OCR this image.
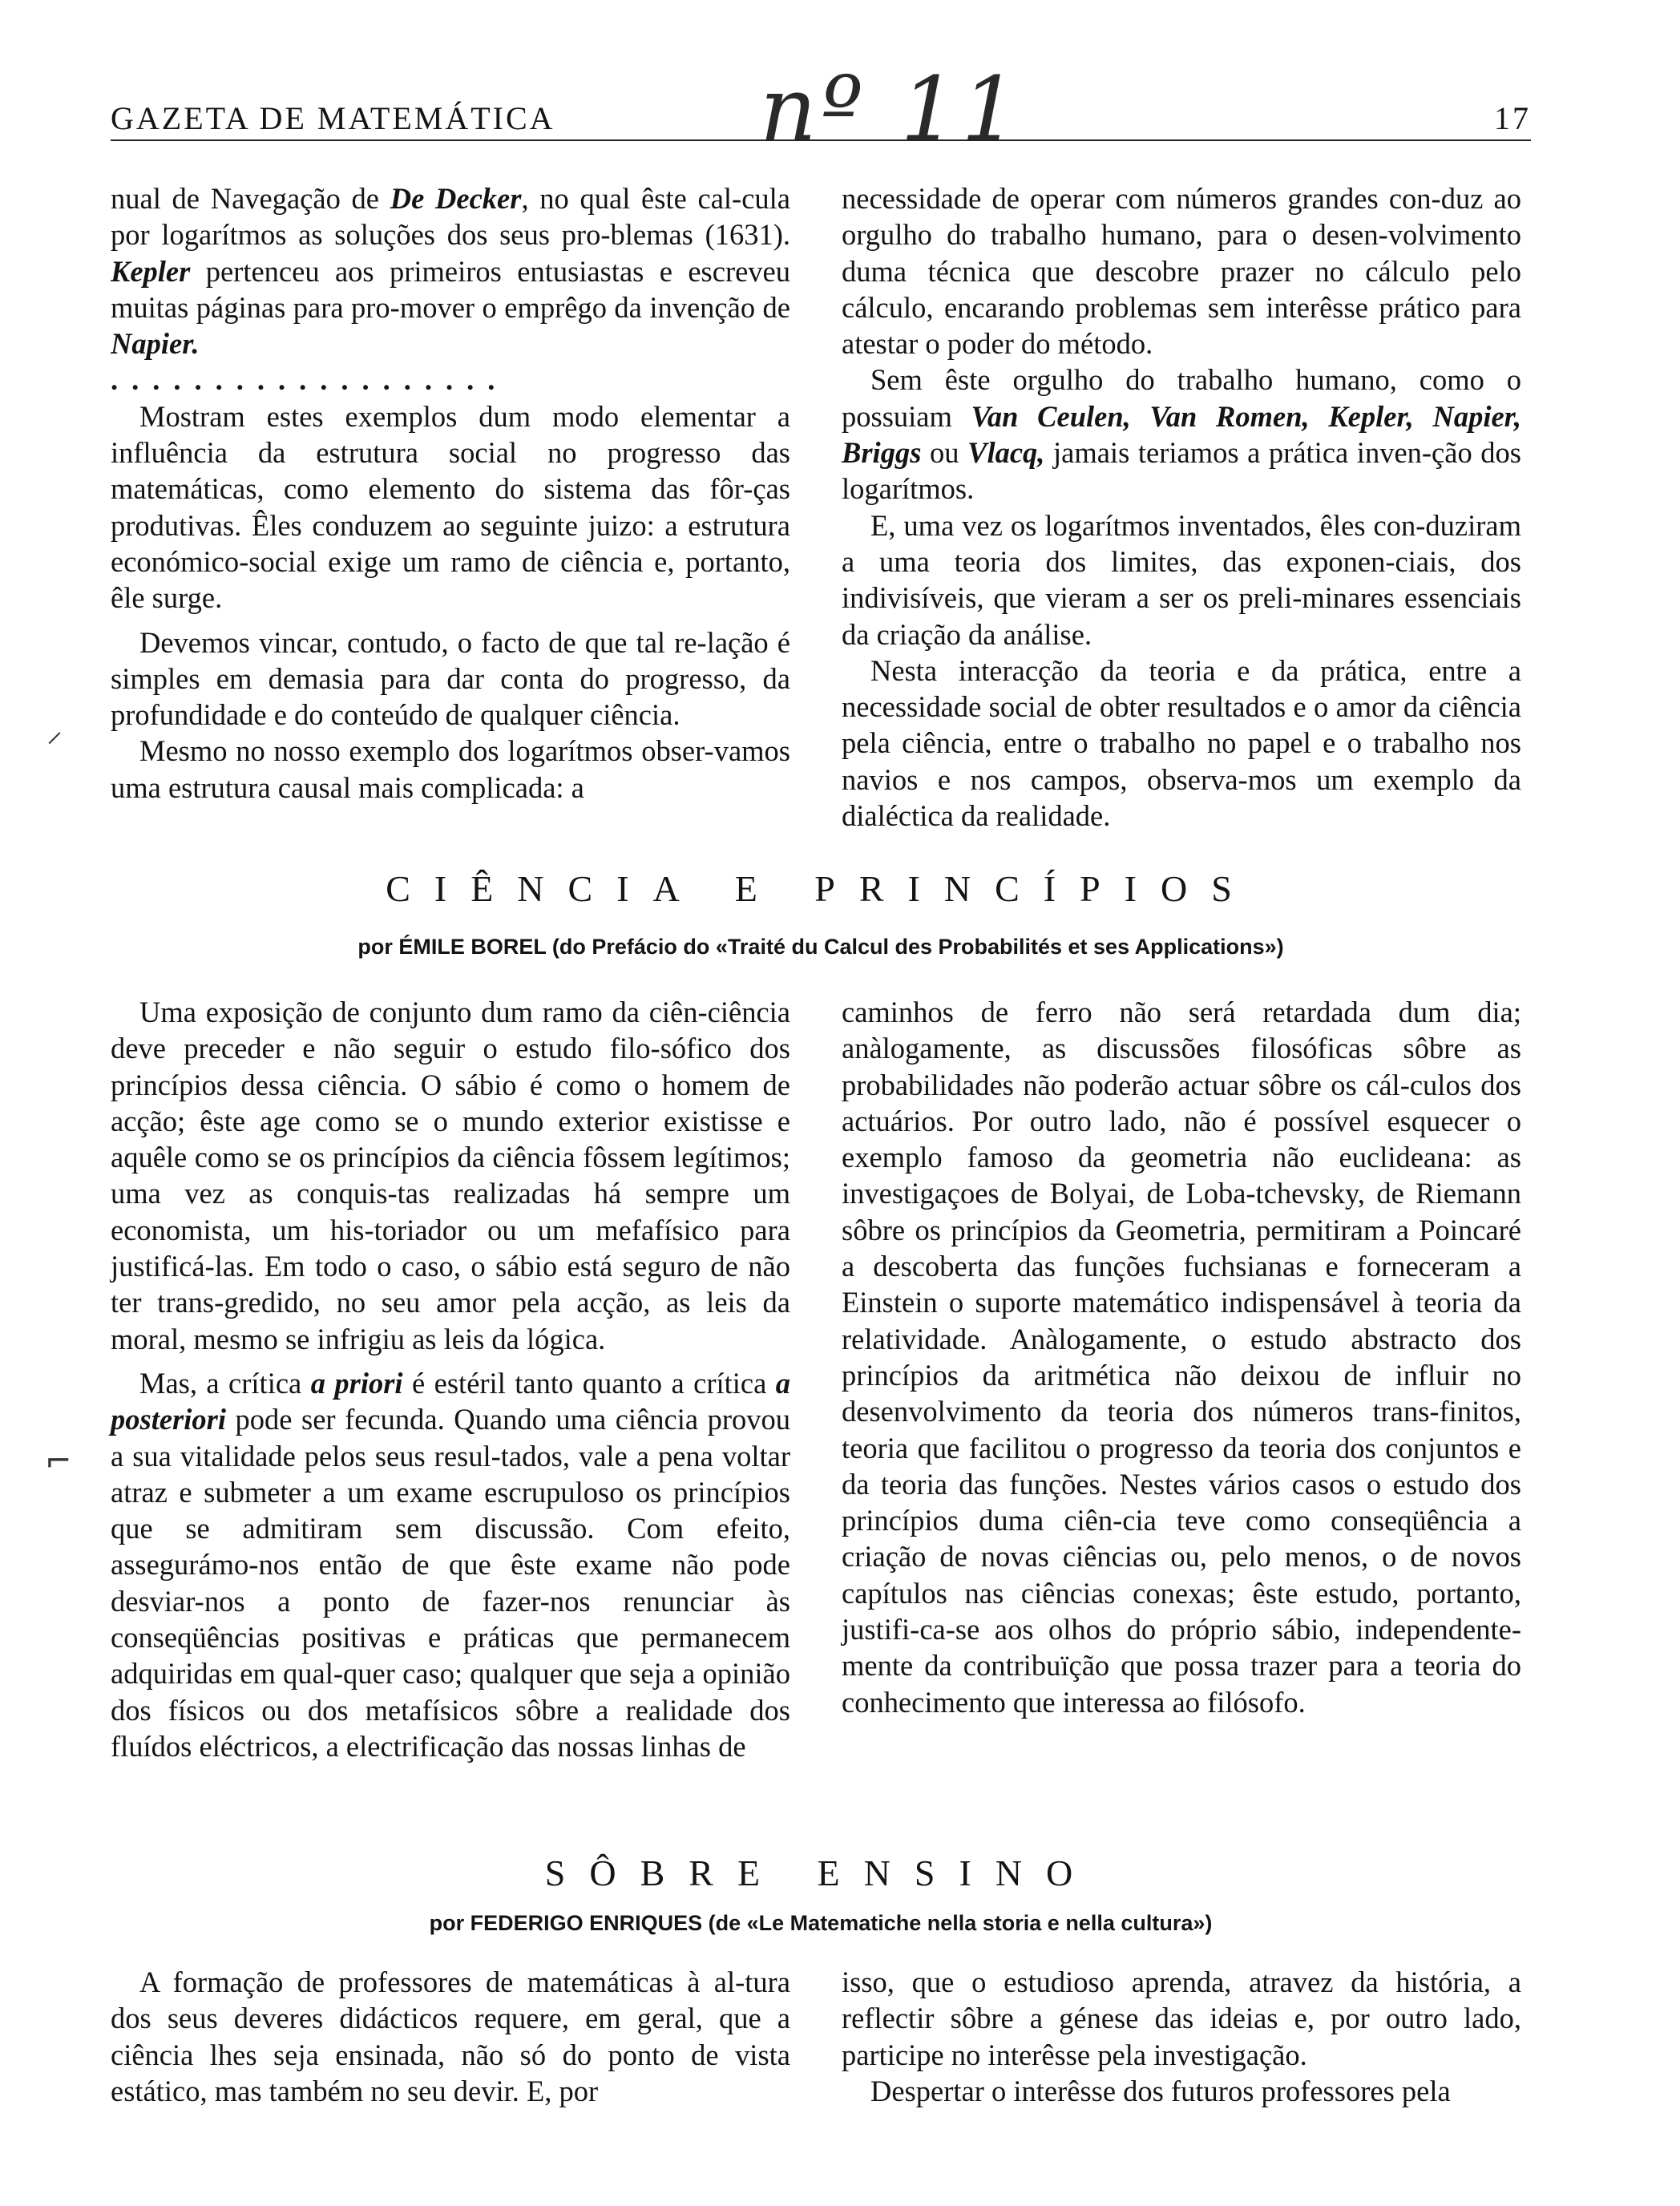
GAZETA DE MATEMÁTICA nº 11	17

nual de Navegação de De Decker, no qual êste cal-cula por logarítmos as soluções dos seus pro-blemas (1631). Kepler pertenceu aos primeiros entusiastas e escreveu muitas páginas para pro-mover o emprêgo da invenção de Napier.

...................

Mostram estes exemplos dum modo elementar a influência da estrutura social no progresso das matemáticas, como elemento do sistema das fôr-ças produtivas. Êles conduzem ao seguinte juizo: a estrutura económico-social exige um ramo de ciência e, portanto, êle surge.

Devemos vincar, contudo, o facto de que tal re-lação é simples em demasia para dar conta do progresso, da profundidade e do conteúdo de qualquer ciência.

Mesmo no nosso exemplo dos logarítmos obser-vamos uma estrutura causal mais complicada: a

necessidade de operar com números grandes con-duz ao orgulho do trabalho humano, para o desen-volvimento duma técnica que descobre prazer no cálculo pelo cálculo, encarando problemas sem interêsse prático para atestar o poder do método.

Sem êste orgulho do trabalho humano, como o possuiam Van Ceulen, Van Romen, Kepler, Napier, Briggs ou Vlacq, jamais teriamos a prática inven-ção dos logarítmos.

E, uma vez os logarítmos inventados, êles con-duziram a uma teoria dos limites, das exponen-ciais, dos indivisíveis, que vieram a ser os preli-minares essenciais da criação da análise.

Nesta interacção da teoria e da prática, entre a necessidade social de obter resultados e o amor da ciência pela ciência, entre o trabalho no papel e o trabalho nos navios e nos campos, observa-mos um exemplo da dialéctica da realidade.

⸝
CIÊNCIA E PRINCÍPIOS
por ÉMILE BOREL (do Prefácio do «Traité du Calcul des Probabilités et ses Applications»)

Uma exposição de conjunto dum ramo da ciên-ciência deve preceder e não seguir o estudo filo-sófico dos princípios dessa ciência. O sábio é como o homem de acção; êste age como se o mundo exterior existisse e aquêle como se os princípios da ciência fôssem legítimos; uma vez as conquis-tas realizadas há sempre um economista, um his-toriador ou um mefafísico para justificá-las. Em todo o caso, o sábio está seguro de não ter trans-gredido, no seu amor pela acção, as leis da moral, mesmo se infrigiu as leis da lógica.

Mas, a crítica a priori é estéril tanto quanto a crítica a posteriori pode ser fecunda. Quando uma ciência provou a sua vitalidade pelos seus resul-tados, vale a pena voltar atraz e submeter a um exame escrupuloso os princípios que se admitiram sem discussão. Com efeito, assegurámo-nos então de que êste exame não pode desviar-nos a ponto de fazer-nos renunciar às conseqüências positivas e práticas que permanecem adquiridas em qual-quer caso; qualquer que seja a opinião dos físicos ou dos metafísicos sôbre a realidade dos fluídos eléctricos, a electrificação das nossas linhas de

caminhos de ferro não será retardada dum dia; anàlogamente, as discussões filosóficas sôbre as probabilidades não poderão actuar sôbre os cál-culos dos actuários. Por outro lado, não é possível esquecer o exemplo famoso da geometria não euclideana: as investigaçoes de Bolyai, de Loba-tchevsky, de Riemann sôbre os princípios da Geometria, permitiram a Poincaré a descoberta das funções fuchsianas e forneceram a Einstein o suporte matemático indispensável à teoria da relatividade. Anàlogamente, o estudo abstracto dos princípios da aritmética não deixou de influir no desenvolvimento da teoria dos números trans-finitos, teoria que facilitou o progresso da teoria dos conjuntos e da teoria das funções. Nestes vários casos o estudo dos princípios duma ciên-cia teve como conseqüência a criação de novas ciências ou, pelo menos, o de novos capítulos nas ciências conexas; êste estudo, portanto, justifi-ca-se aos olhos do próprio sábio, independente-mente da contribuïção que possa trazer para a teoria do conhecimento que interessa ao filósofo.

⌐
SÔBRE ENSINO
por FEDERIGO ENRIQUES (de «Le Matematiche nella storia e nella cultura»)

A formação de professores de matemáticas à al-tura dos seus deveres didácticos requere, em geral, que a ciência lhes seja ensinada, não só do ponto de vista estático, mas também no seu devir. E, por

isso, que o estudioso aprenda, atravez da história, a reflectir sôbre a génese das ideias e, por outro lado, participe no interêsse pela investigação.

Despertar o interêsse dos futuros professores pela
